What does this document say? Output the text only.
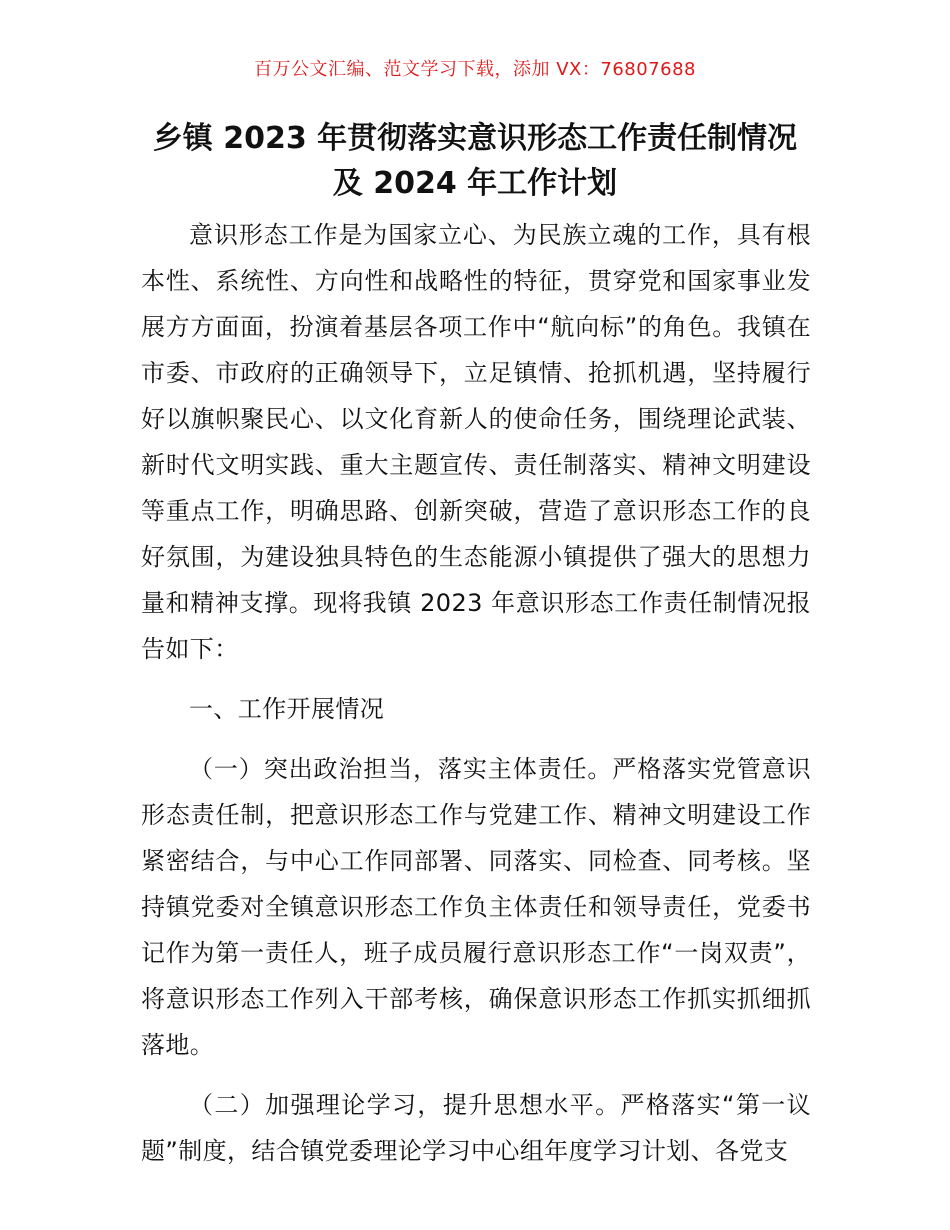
百万公文汇编、范文学习下载，添加 VX：76807688
乡镇 2023 年贯彻落实意识形态工作责任制情况
及 2024 年工作计划

意识形态工作是为国家立心、为民族立魂的工作，具有根本性、系统性、方向性和战略性的特征，贯穿党和国家事业发展方方面面，扮演着基层各项工作中“航向标”的角色。我镇在市委、市政府的正确领导下，立足镇情、抢抓机遇，坚持履行好以旗帜聚民心、以文化育新人的使命任务，围绕理论武装、新时代文明实践、重大主题宣传、责任制落实、精神文明建设等重点工作，明确思路、创新突破，营造了意识形态工作的良好氛围，为建设独具特色的生态能源小镇提供了强大的思想力量和精神支撑。现将我镇 2023 年意识形态工作责任制情况报告如下：

一、工作开展情况

（一）突出政治担当，落实主体责任。严格落实党管意识形态责任制，把意识形态工作与党建工作、精神文明建设工作紧密结合，与中心工作同部署、同落实、同检查、同考核。坚持镇党委对全镇意识形态工作负主体责任和领导责任，党委书记作为第一责任人，班子成员履行意识形态工作“一岗双责”，将意识形态工作列入干部考核，确保意识形态工作抓实抓细抓落地。

（二）加强理论学习，提升思想水平。严格落实“第一议题”制度，结合镇党委理论学习中心组年度学习计划、各党支
